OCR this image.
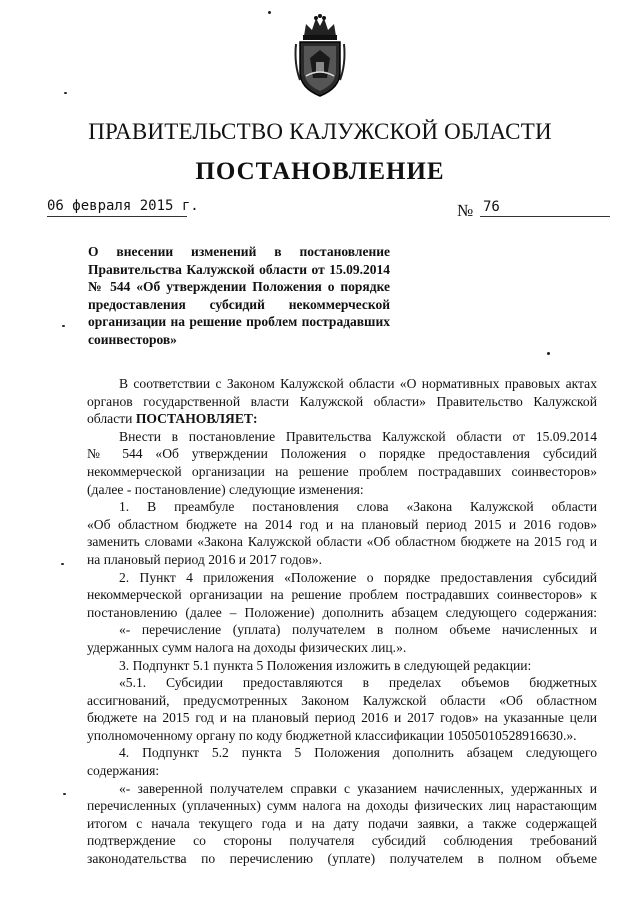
ПРАВИТЕЛЬСТВО КАЛУЖСКОЙ ОБЛАСТИ
ПОСТАНОВЛЕНИЕ
06 февраля 2015 г.	№ 76
О внесении изменений в постановление
Правительства Калужской области от 15.09.2014
№ 544 «Об утверждении Положения о порядке
предоставления субсидий некоммерческой
организации на решение проблем пострадавших
соинвесторов»
В соответствии с Законом Калужской области «О нормативных правовых актах
органов государственной власти Калужской области» Правительство Калужской
области ПОСТАНОВЛЯЕТ:
Внести в постановление Правительства Калужской области от 15.09.2014
№ 544 «Об утверждении Положения о порядке предоставления субсидий
некоммерческой организации на решение проблем пострадавших соинвесторов»
(далее - постановление) следующие изменения:
1. В преамбуле постановления слова «Закона Калужской области
«Об областном бюджете на 2014 год и на плановый период 2015 и 2016 годов»
заменить словами «Закона Калужской области «Об областном бюджете на 2015 год и
на плановый период 2016 и 2017 годов».
2. Пункт 4 приложения «Положение о порядке предоставления субсидий
некоммерческой организации на решение проблем пострадавших соинвесторов» к
постановлению (далее – Положение) дополнить абзацем следующего содержания:
«- перечисление (уплата) получателем в полном объеме начисленных и
удержанных сумм налога на доходы физических лиц.».
3. Подпункт 5.1 пункта 5 Положения изложить в следующей редакции:
«5.1. Субсидии предоставляются в пределах объемов бюджетных
ассигнований, предусмотренных Законом Калужской области «Об областном
бюджете на 2015 год и на плановый период 2016 и 2017 годов» на указанные цели
уполномоченному органу по коду бюджетной классификации 10505010528916630.».
4. Подпункт 5.2 пункта 5 Положения дополнить абзацем следующего
содержания:
«- заверенной получателем справки с указанием начисленных, удержанных и
перечисленных (уплаченных) сумм налога на доходы физических лиц нарастающим
итогом с начала текущего года и на дату подачи заявки, а также содержащей
подтверждение со стороны получателя субсидий соблюдения требований
законодательства по перечислению (уплате) получателем в полном объеме
